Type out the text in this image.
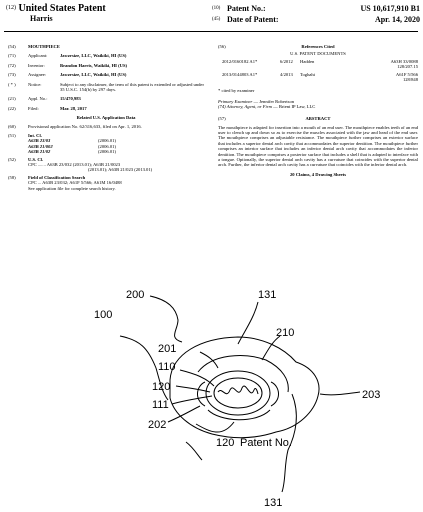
$^{(12)}$ United States Patent
Harris
(10) Patent No.:	US 10,617,910 B1
(45) Date of Patent:	Apr. 14, 2020
(54)	MOUTHPIECE
(71)	Applicant:	Jawzrsize, LLC, Waikiki, HI (US)
(72)	Inventor:	Brandon Harris, Waikiki, HI (US)
(73)	Assignee:	Jawzrsize, LLC, Waikiki, HI (US)
( * )	Notice:	Subject to any disclaimer, the term of this patent is extended or adjusted under 35 U.S.C. 154(b) by 297 days.
(21)	Appl. No.:	15/470,983
(22)	Filed:	Mar. 28, 2017
Related U.S. Application Data
(60)	Provisional application No. 62/316,633, filed on Apr. 1, 2016.
(51)	Int. Cl.
A63B 23/03	(2006.01)
A63B 21/002	(2006.01)
A63B 21/02	(2006.01)
(52)	U.S. Cl.
CPC ....... A63B 23/032 (2013.01); A63B 21/0023
(2013.01); A63B 21/023 (2013.01)
(58)	Field of Classification Search
CPC ... A63B 23/032; A61F 5/566; A61M 16/0488
See application file for complete search history.
(56)	References Cited
U.S. PATENT DOCUMENTS
2012/0160182 A1*	6/2012 Hadden	A63H 33/0088
128/207.15
2013/0144803 A1*	4/2013 Toghahi	A61F 5/566
128/848
* cited by examiner
Primary Examiner — Jennifer Robertson
(74) Attorney, Agent, or Firm — Brient IP Law, LLC
(57)	ABSTRACT
The mouthpiece is adapted for insertion into a mouth of an end user. The mouthpiece enables teeth of an end user to clench up and down so as to exercise the muscles associated with the jaw and head of the end user. The mouthpiece comprises an adjustable resistance. The mouthpiece further comprises an exterior surface that includes a superior dental arch cavity that accommodates the superior dentition. The mouthpiece further comprises an interior surface that includes an inferior dental arch cavity that accommodates the inferior dentition. The mouthpiece comprises a posterior surface that includes a shelf that is adapted to interface with a tongue. Optionally, the superior dental arch cavity has a curvature that coincides with the superior dental arch. Further, the inferior dental arch cavity has a curvature that coincides with the inferior dental arch.
20 Claims, 4 Drawing Sheets
200
100
131
210
201
110
203
120
111
202
120 Patent No.
131
